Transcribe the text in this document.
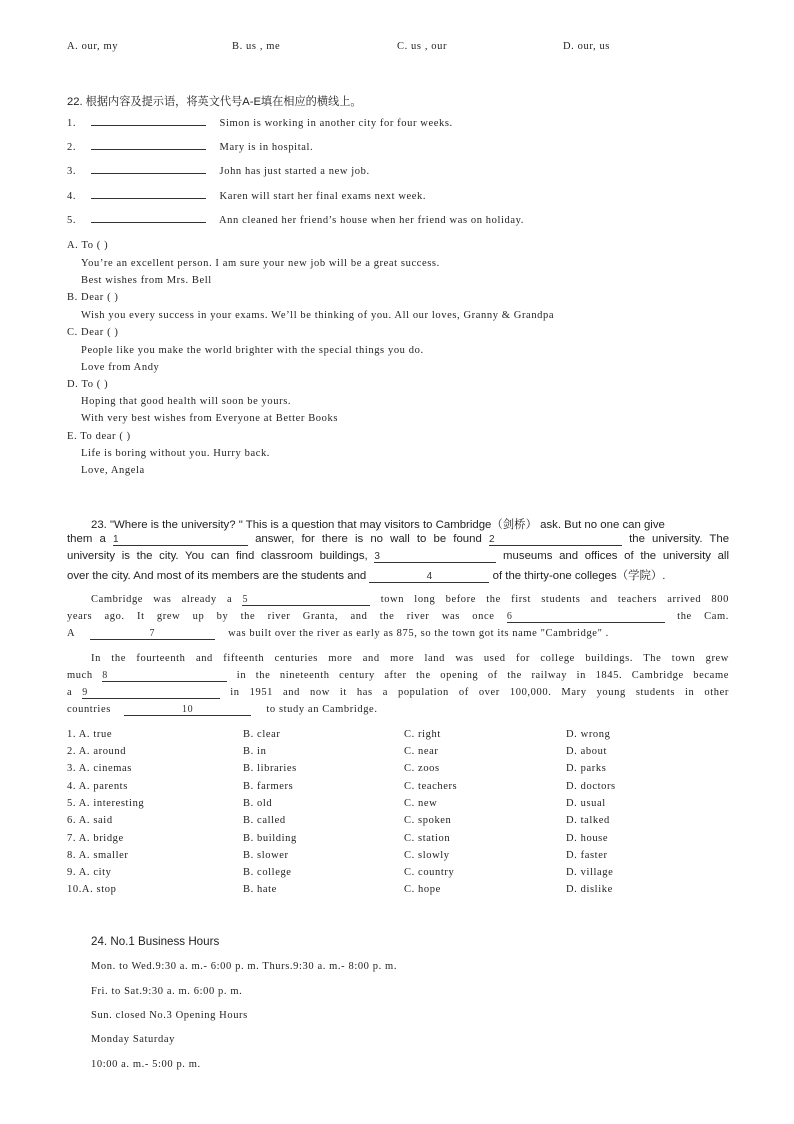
A. our, my	B. us , me	C. us , our	D. our, us
22. 根据内容及提示语，将英文代号A-E填在相应的横线上。
1.	Simon is working in another city for four weeks.
2.	Mary is in hospital.
3.	John has just started a new job.
4.	Karen will start her final exams next week.
5.	Ann cleaned her friend’s house when her friend was on holiday.
A. To ( )
You’re an excellent person. I am sure your new job will be a great success.
Best wishes from Mrs. Bell
B. Dear ( )
Wish you every success in your exams. We’ll be thinking of you. All our loves, Granny & Grandpa
C. Dear ( )
People like you make the world brighter with the special things you do.
Love from Andy
D. To ( )
Hoping that good health will soon be yours.
With very best wishes from Everyone at Better Books
E. To dear ( )
Life is boring without you. Hurry back.
Love, Angela
23. "Where is the university? " This is a question that may visitors to Cambridge（剑桥） ask. But no one can give
them a 1	answer, for there is no wall to be found 2	the university. The
university is the city. You can find classroom buildings, 3	museums and offices of the university all
over the city. And most of its members are the students and	4	of the thirty-one colleges（学院）.
Cambridge was already a 5	town long before the first students and teachers arrived 800
years ago. It grew up by the river Granta, and the river was once 6	the Cam.
A	7	was built over the river as early as 875, so the town got its name "Cambridge" .
In the fourteenth and fifteenth centuries more and more land was used for college buildings. The town grew
much 8	in the nineteenth century after the opening of the railway in 1845. Cambridge became
a 9	in 1951 and now it has a population of over 100,000. Mary young students in other
countries	10	to study an Cambridge.
1. A. true	B. clear	C. right	D. wrong
2. A. around	B. in	C. near	D. about
3. A. cinemas	B. libraries	C. zoos	D. parks
4. A. parents	B. farmers	C. teachers	D. doctors
5. A. interesting	B. old	C. new	D. usual
6. A. said	B. called	C. spoken	D. talked
7. A. bridge	B. building	C. station	D. house
8. A. smaller	B. slower	C. slowly	D. faster
9. A. city	B. college	C. country	D. village
10.A. stop	B. hate	C. hope	D. dislike
24. No.1 Business Hours
Mon. to Wed.9:30 a. m.- 6:00 p. m. Thurs.9:30 a. m.- 8:00 p. m.
Fri. to Sat.9:30 a. m. 6:00 p. m.
Sun. closed No.3 Opening Hours
Monday Saturday
10:00 a. m.- 5:00 p. m.
